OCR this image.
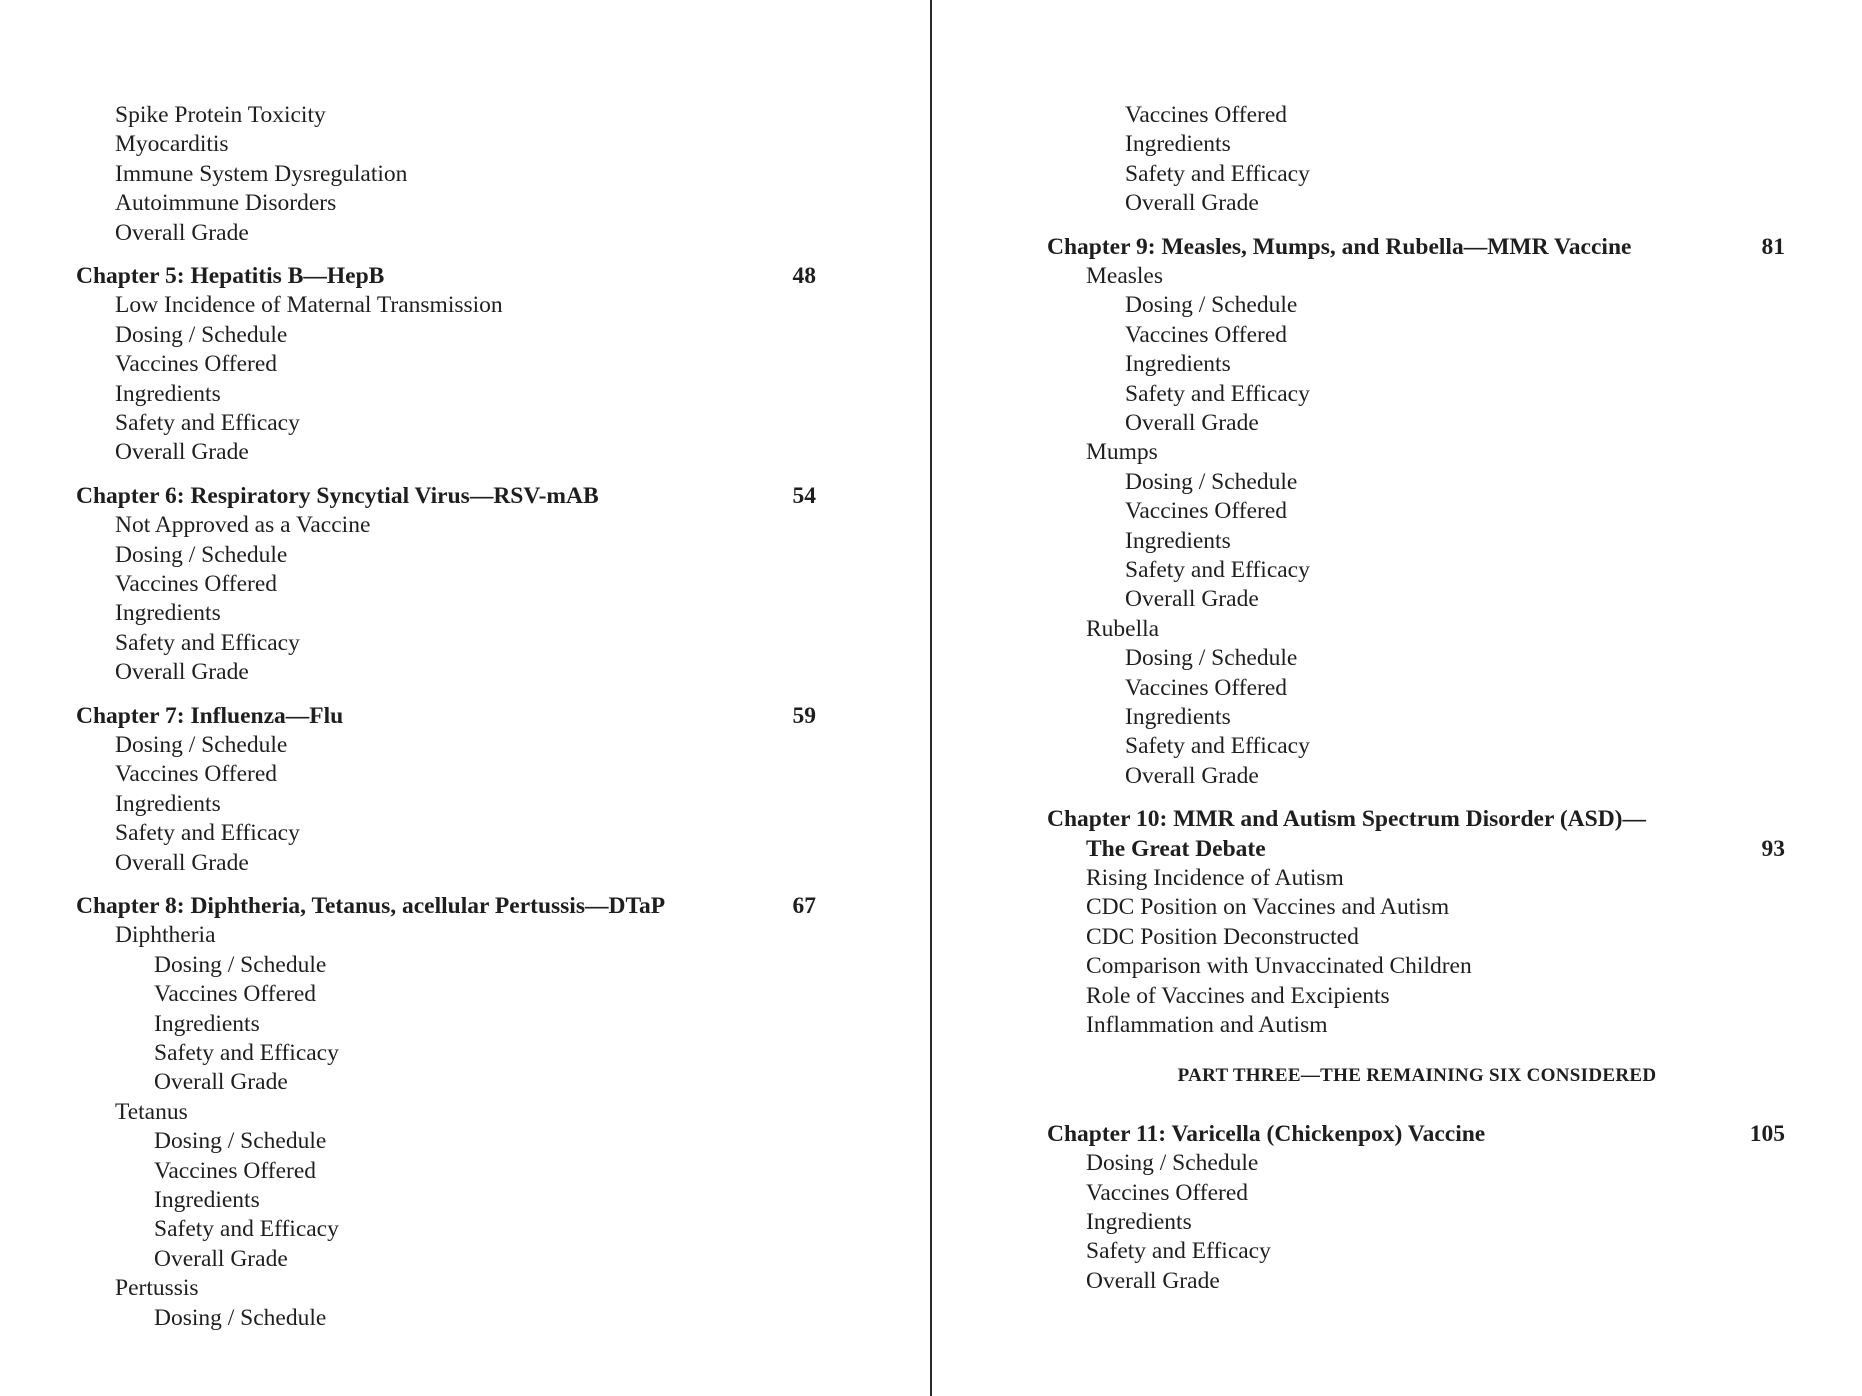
Spike Protein Toxicity
Myocarditis
Immune System Dysregulation
Autoimmune Disorders
Overall Grade
Chapter 5: Hepatitis B—HepB	48
Low Incidence of Maternal Transmission
Dosing / Schedule
Vaccines Offered
Ingredients
Safety and Efficacy
Overall Grade
Chapter 6: Respiratory Syncytial Virus—RSV-mAB	54
Not Approved as a Vaccine
Dosing / Schedule
Vaccines Offered
Ingredients
Safety and Efficacy
Overall Grade
Chapter 7: Influenza—Flu	59
Dosing / Schedule
Vaccines Offered
Ingredients
Safety and Efficacy
Overall Grade
Chapter 8: Diphtheria, Tetanus, acellular Pertussis—DTaP	67
Diphtheria
Dosing / Schedule
Vaccines Offered
Ingredients
Safety and Efficacy
Overall Grade
Tetanus
Dosing / Schedule
Vaccines Offered
Ingredients
Safety and Efficacy
Overall Grade
Pertussis
Dosing / Schedule
Vaccines Offered
Ingredients
Safety and Efficacy
Overall Grade
Chapter 9: Measles, Mumps, and Rubella—MMR Vaccine	81
Measles
Dosing / Schedule
Vaccines Offered
Ingredients
Safety and Efficacy
Overall Grade
Mumps
Dosing / Schedule
Vaccines Offered
Ingredients
Safety and Efficacy
Overall Grade
Rubella
Dosing / Schedule
Vaccines Offered
Ingredients
Safety and Efficacy
Overall Grade
Chapter 10: MMR and Autism Spectrum Disorder (ASD)—
The Great Debate	93
Rising Incidence of Autism
CDC Position on Vaccines and Autism
CDC Position Deconstructed
Comparison with Unvaccinated Children
Role of Vaccines and Excipients
Inflammation and Autism
PART THREE—THE REMAINING SIX CONSIDERED
Chapter 11: Varicella (Chickenpox) Vaccine	105
Dosing / Schedule
Vaccines Offered
Ingredients
Safety and Efficacy
Overall Grade
